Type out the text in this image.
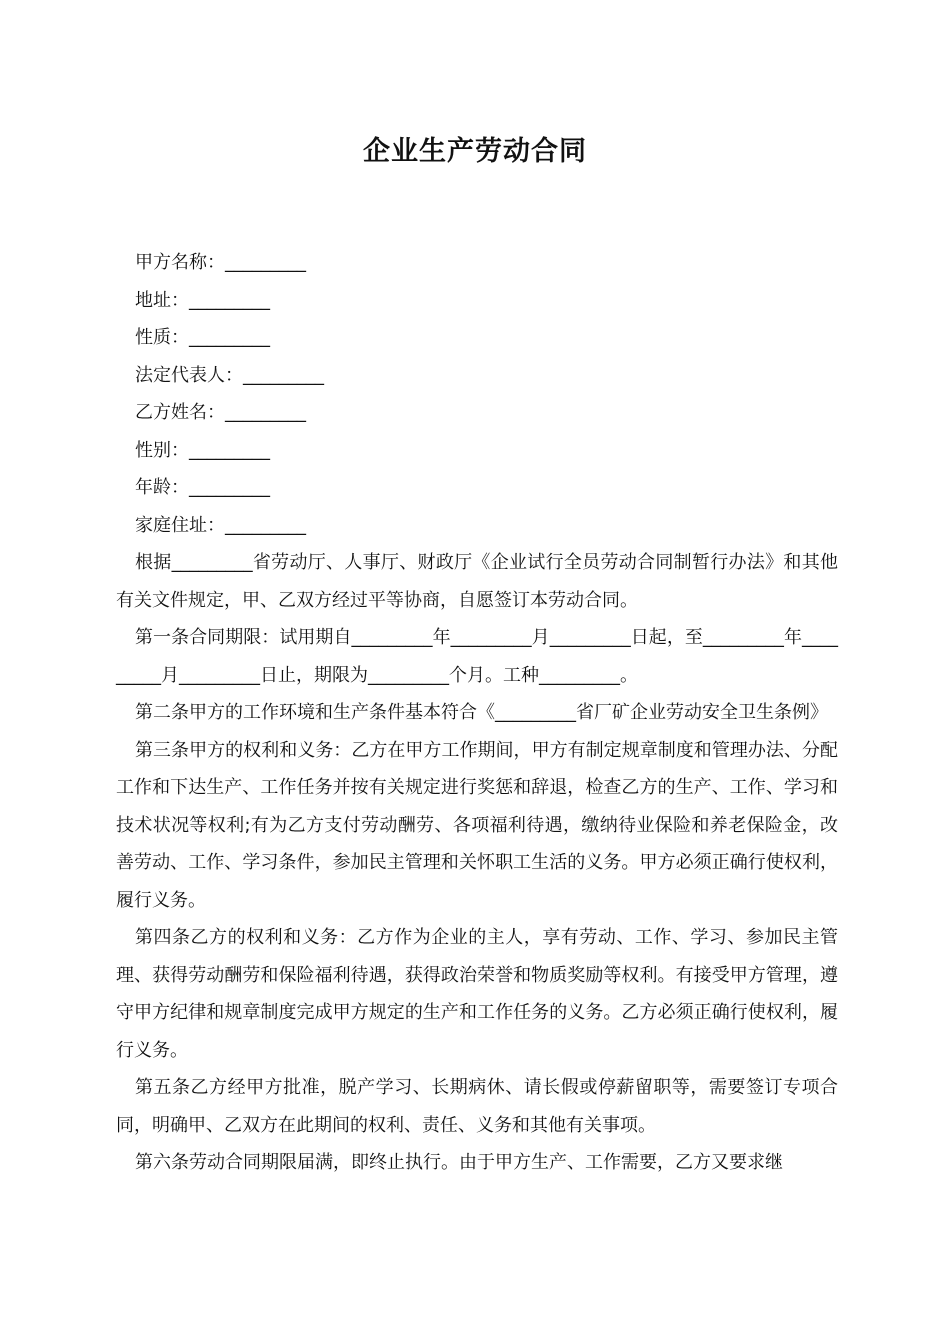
企业生产劳动合同

甲方名称：_________

地址：_________

性质：_________

法定代表人：_________

乙方姓名：_________

性别：_________

年龄：_________

家庭住址：_________

根据_________省劳动厅、人事厅、财政厅《企业试行全员劳动合同制暂行办法》和其他有关文件规定，甲、乙双方经过平等协商，自愿签订本劳动合同。

第一条合同期限：试用期自_________年_________月_________日起，至_________年_________月_________日止，期限为_________个月。工种_________。

第二条甲方的工作环境和生产条件基本符合《_________省厂矿企业劳动安全卫生条例》

第三条甲方的权利和义务：乙方在甲方工作期间，甲方有制定规章制度和管理办法、分配工作和下达生产、工作任务并按有关规定进行奖惩和辞退，检查乙方的生产、工作、学习和技术状况等权利;有为乙方支付劳动酬劳、各项福利待遇，缴纳待业保险和养老保险金，改善劳动、工作、学习条件，参加民主管理和关怀职工生活的义务。甲方必须正确行使权利，履行义务。

第四条乙方的权利和义务：乙方作为企业的主人，享有劳动、工作、学习、参加民主管理、获得劳动酬劳和保险福利待遇，获得政治荣誉和物质奖励等权利。有接受甲方管理，遵守甲方纪律和规章制度完成甲方规定的生产和工作任务的义务。乙方必须正确行使权利，履行义务。

第五条乙方经甲方批准，脱产学习、长期病休、请长假或停薪留职等，需要签订专项合同，明确甲、乙双方在此期间的权利、责任、义务和其他有关事项。

第六条劳动合同期限届满，即终止执行。由于甲方生产、工作需要，乙方又要求继
